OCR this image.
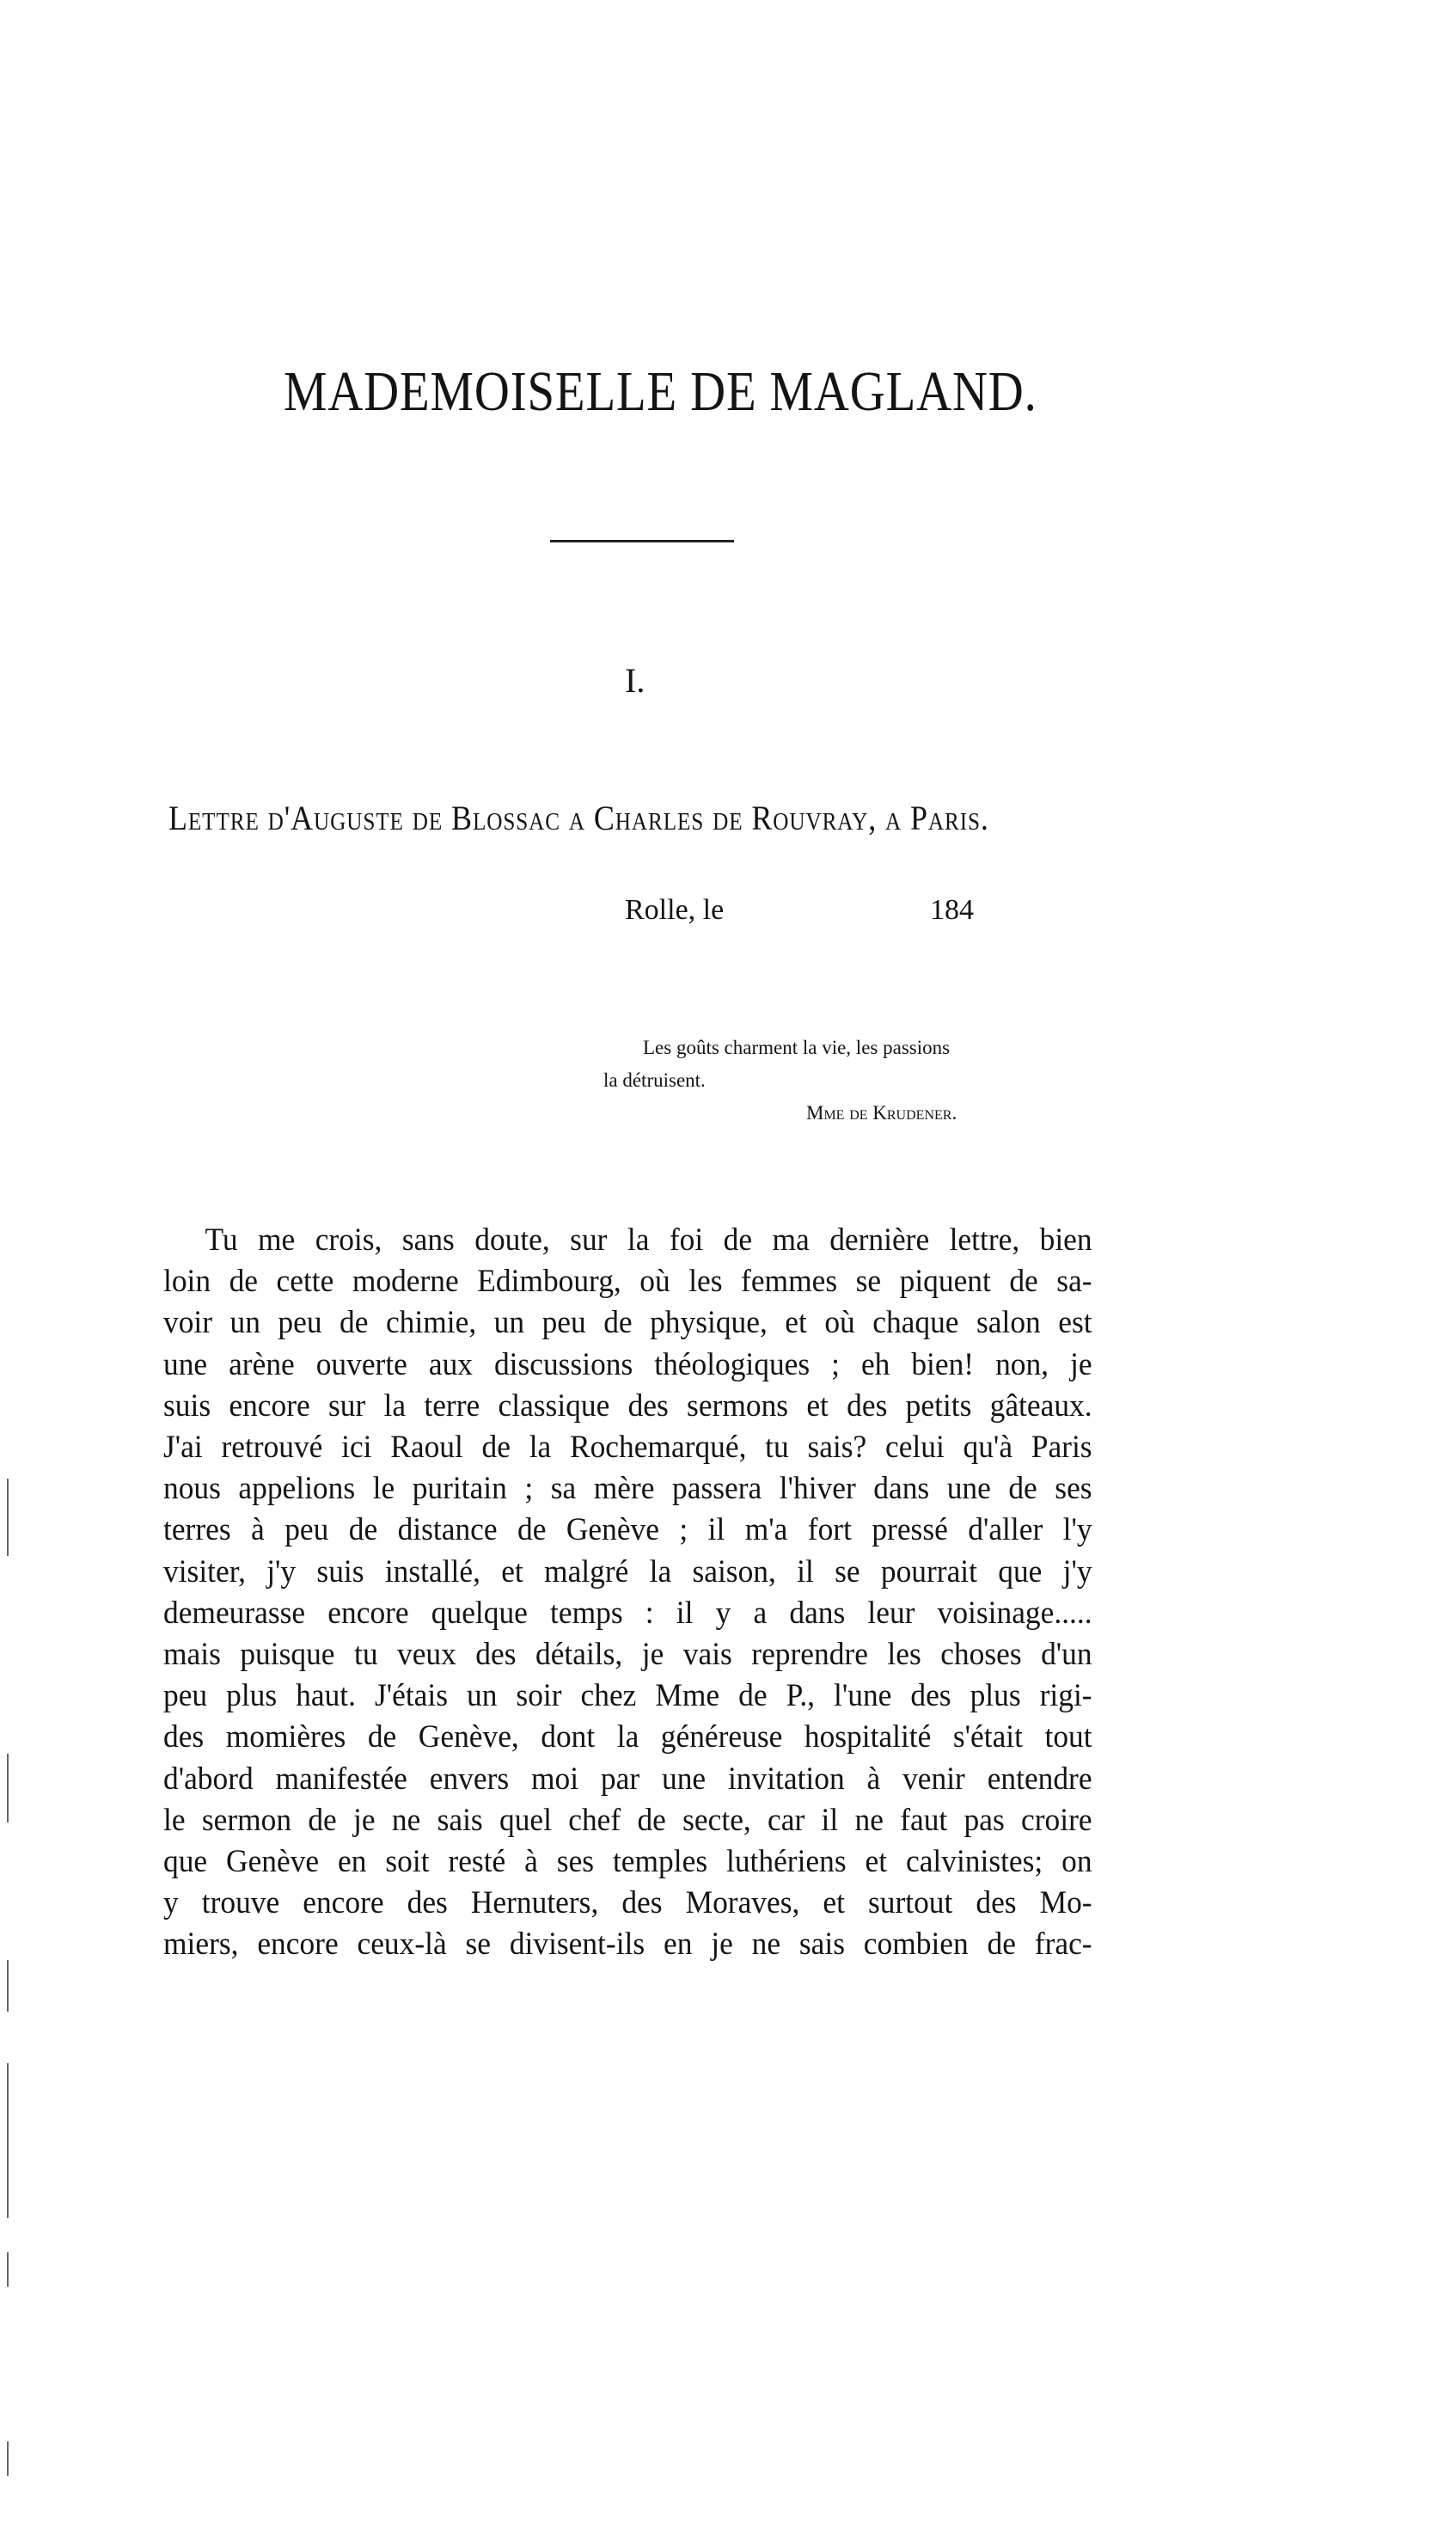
MADEMOISELLE DE MAGLAND.
I.
Lettre d'Auguste de Blossac a Charles de Rouvray, a Paris.
Rolle, le	184
Les goûts charment la vie, les passions
la détruisent.
Mme de Krudener.
Tu me crois, sans doute, sur la foi de ma dernière lettre, bien
loin de cette moderne Edimbourg, où les femmes se piquent de sa-
voir un peu de chimie, un peu de physique, et où chaque salon est
une arène ouverte aux discussions théologiques ; eh bien! non, je
suis encore sur la terre classique des sermons et des petits gâteaux.
J'ai retrouvé ici Raoul de la Rochemarqué, tu sais? celui qu'à Paris
nous appelions le puritain ; sa mère passera l'hiver dans une de ses
terres à peu de distance de Genève ; il m'a fort pressé d'aller l'y
visiter, j'y suis installé, et malgré la saison, il se pourrait que j'y
demeurasse encore quelque temps : il y a dans leur voisinage.....
mais puisque tu veux des détails, je vais reprendre les choses d'un
peu plus haut. J'étais un soir chez Mme de P., l'une des plus rigi-
des momières de Genève, dont la généreuse hospitalité s'était tout
d'abord manifestée envers moi par une invitation à venir entendre
le sermon de je ne sais quel chef de secte, car il ne faut pas croire
que Genève en soit resté à ses temples luthériens et calvinistes; on
y trouve encore des Hernuters, des Moraves, et surtout des Mo-
miers, encore ceux-là se divisent-ils en je ne sais combien de frac-
